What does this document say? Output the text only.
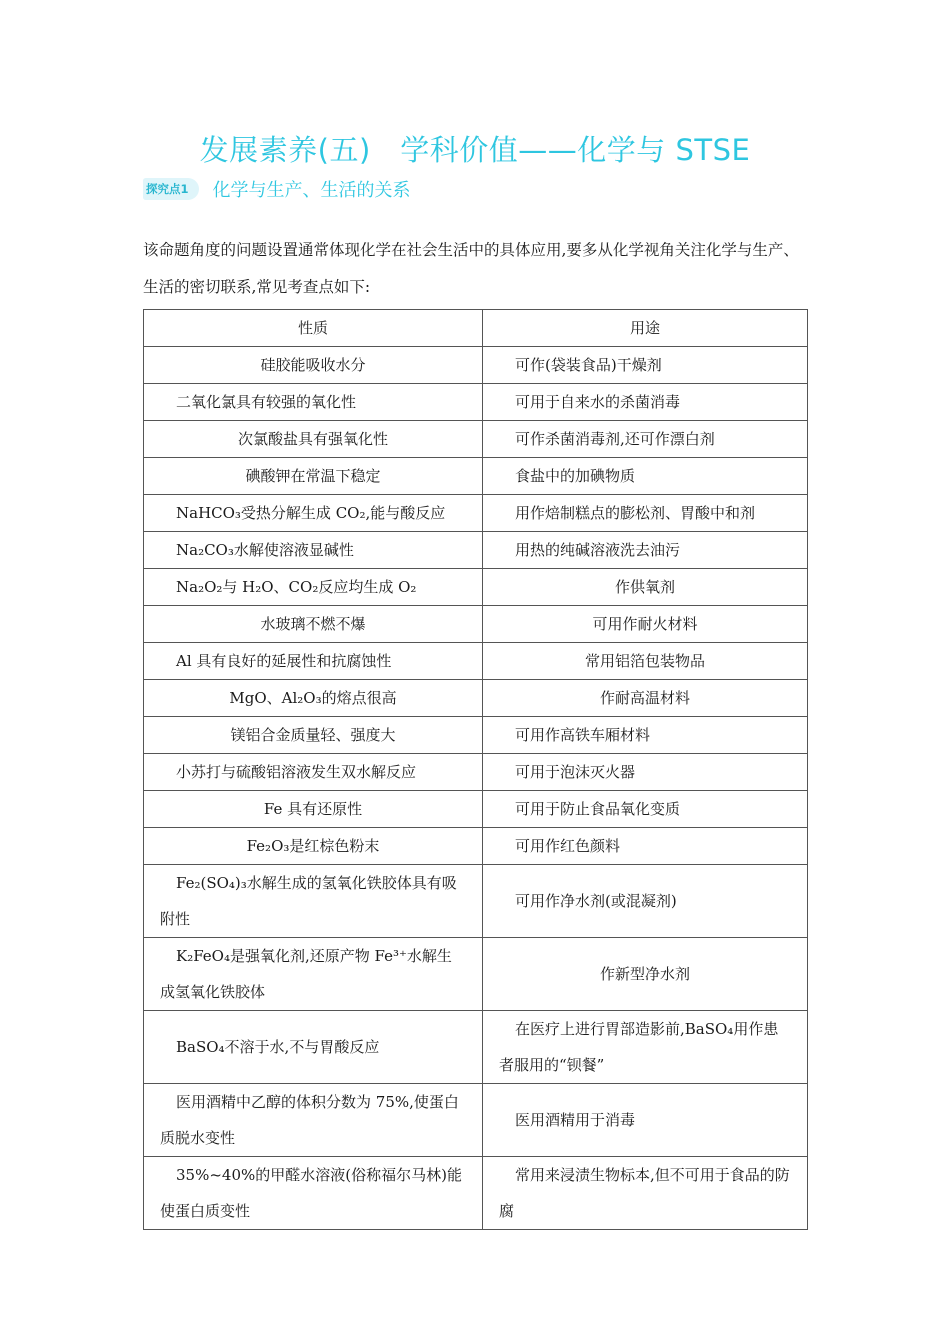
发展素养(五)　学科价值——化学与 STSE
探究点1	化学与生产、生活的关系
该命题角度的问题设置通常体现化学在社会生活中的具体应用,要多从化学视角关注化学与生产、生活的密切联系,常见考查点如下:
性质	用途
硅胶能吸收水分	可作(袋装食品)干燥剂
二氧化氯具有较强的氧化性	可用于自来水的杀菌消毒
次氯酸盐具有强氧化性	可作杀菌消毒剂,还可作漂白剂
碘酸钾在常温下稳定	食盐中的加碘物质
NaHCO₃受热分解生成 CO₂,能与酸反应	用作焙制糕点的膨松剂、胃酸中和剂
Na₂CO₃水解使溶液显碱性	用热的纯碱溶液洗去油污
Na₂O₂与 H₂O、CO₂反应均生成 O₂	作供氧剂
水玻璃不燃不爆	可用作耐火材料
Al 具有良好的延展性和抗腐蚀性	常用铝箔包装物品
MgO、Al₂O₃的熔点很高	作耐高温材料
镁铝合金质量轻、强度大	可用作高铁车厢材料
小苏打与硫酸铝溶液发生双水解反应	可用于泡沫灭火器
Fe 具有还原性	可用于防止食品氧化变质
Fe₂O₃是红棕色粉末	可用作红色颜料
Fe₂(SO₄)₃水解生成的氢氧化铁胶体具有吸附性	可用作净水剂(或混凝剂)
K₂FeO₄是强氧化剂,还原产物 Fe³⁺水解生成氢氧化铁胶体	作新型净水剂
BaSO₄不溶于水,不与胃酸反应	在医疗上进行胃部造影前,BaSO₄用作患者服用的“钡餐”
医用酒精中乙醇的体积分数为 75%,使蛋白质脱水变性	医用酒精用于消毒
35%~40%的甲醛水溶液(俗称福尔马林)能使蛋白质变性	常用来浸渍生物标本,但不可用于食品的防腐
